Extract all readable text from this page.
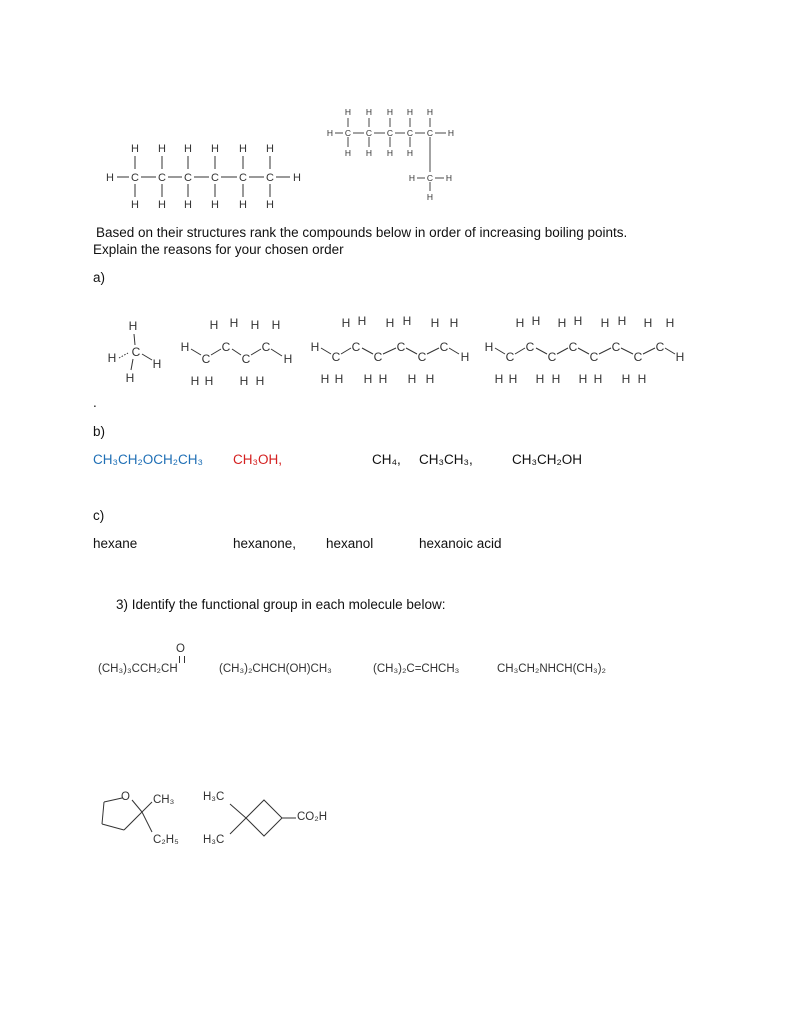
H H H H H H
H C C C C C C H
H H H H H H
H H H H H
H C C C C C H
H H H H
H C H
H
Based on their structures rank the compounds below in order of increasing boiling points.
Explain the reasons for your chosen order
a)
H
H C
H
H
H H H H
H
C
C
C
C
H
H H H H
H H H H H H
H
C
C
C
C
C
C
H
H H H H H H
H H H H H H H H
H
C
C
C
C
C
C
C
C
H
H H H H H H H H
.
b)
CH₃CH₂OCH₂CH₃ CH₃OH,	CH₄, CH₃CH₃,	CH₃CH₂OH
c)
hexane	hexanone, hexanol	hexanoic acid
3) Identify the functional group in each molecule below:
O
(CH₃)₃CCH₂CH	(CH₃)₂CHCH(OH)CH₃	(CH₃)₂C=CHCH₃	CH₃CH₂NHCH(CH₃)₂
O CH₃
C₂H₅
H₃C
H₃C
CO₂H
